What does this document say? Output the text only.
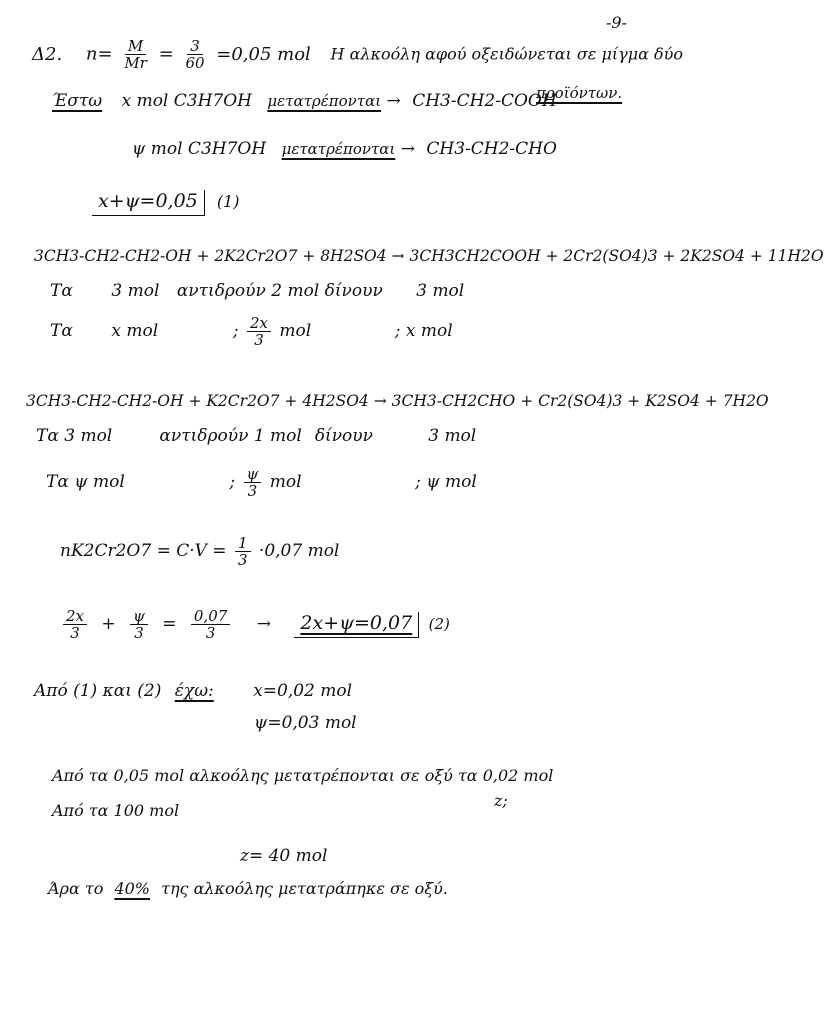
-9-
Δ2. $n= \frac{M}{Mr} = \frac{3}{60} =0,05$ mol Η αλκοόλη αφού οξειδώνεται σε μίγμα δύο
Έστω x mol C3H7OH μετατρέπονται → CH3-CH2-COOH
προϊόντων.
ψ mol C3H7OH μετατρέπονται → CH3-CH2-CHO
x+ψ=0,05 (1)
3CH3-CH2-CH2-OH + 2K2Cr2O7 + 8H2SO4 → 3CH3CH2COOH + 2Cr2(SO4)3 + 2K2SO4 + 11H2O
Τα 3 mol αντιδρούν 2 mol δίνουν 3 mol
Τα x mol	; $\frac{2x}{3}$ mol	; x mol
3CH3-CH2-CH2-OH + K2Cr2O7 + 4H2SO4 → 3CH3-CH2CHO + Cr2(SO4)3 + K2SO4 + 7H2O
Τα 3 mol	αντιδρούν 1 mol δίνουν	3 mol
Τα ψ mol	; $\frac{\psi}{3}$ mol	; ψ mol
$nK2Cr2O7 = C\cdot V = \frac{1}{3} \cdot 0,07$ mol
$\frac{2x}{3} + \frac{\psi}{3} = \frac{0,07}{3} \to 2x+\psi=0,07$ (2)
Από (1) και (2) έχω: x=0,02 mol
ψ=0,03 mol
Από τα 0,05 mol αλκοόλης μετατρέπονται σε οξύ τα 0,02 mol
Από τα 100 mol
z;
z= 40 mol
Άρα το 40% της αλκοόλης μετατράπηκε σε οξύ.
